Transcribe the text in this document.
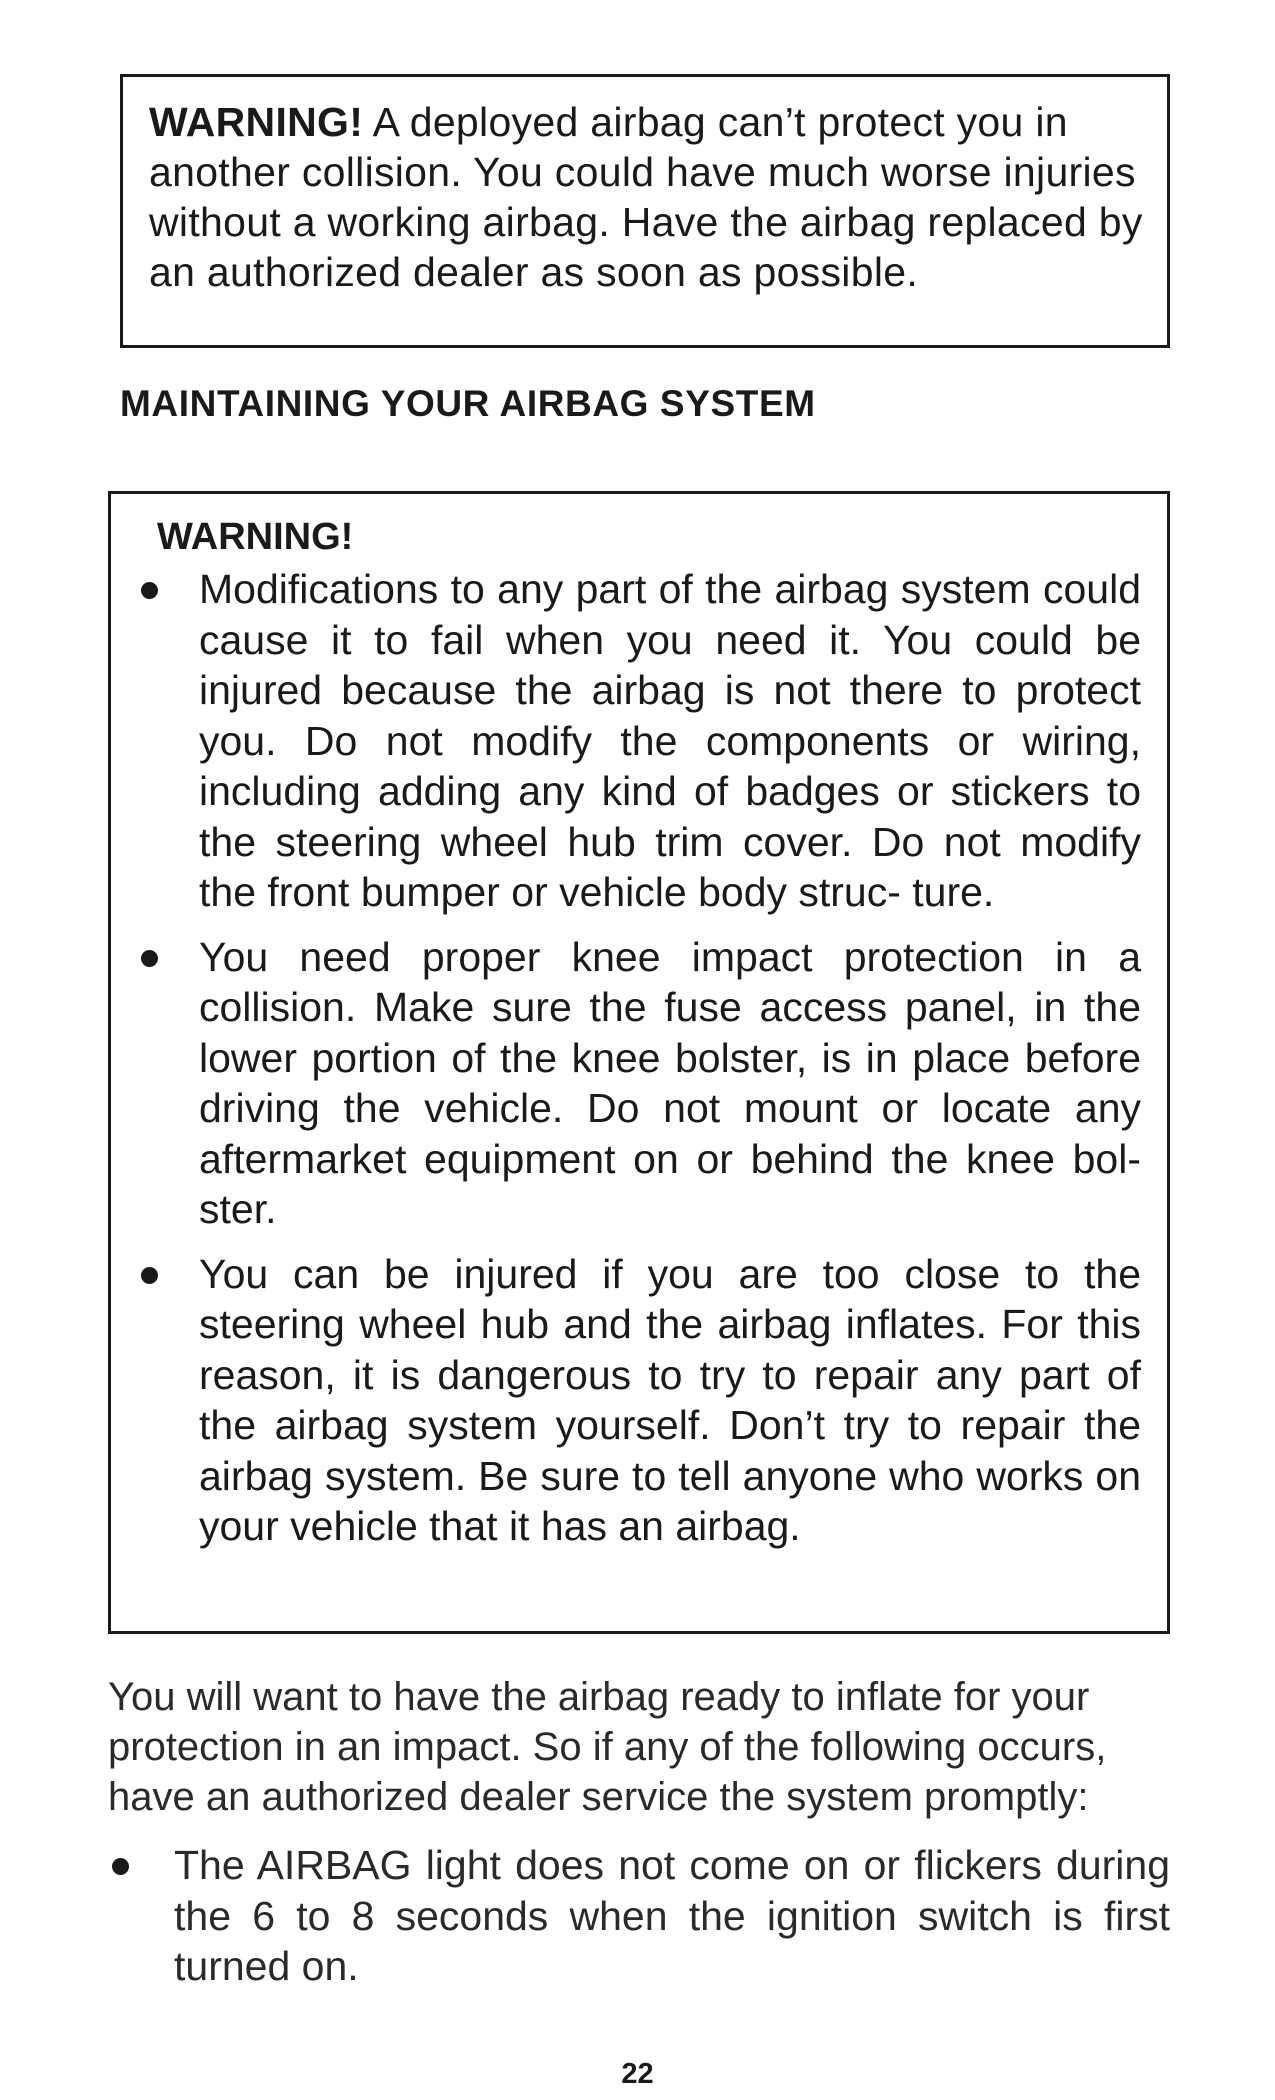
WARNING! A deployed airbag can’t protect you in another collision. You could have much worse injuries without a working airbag. Have the airbag replaced by an authorized dealer as soon as possible.

MAINTAINING YOUR AIRBAG SYSTEM

WARNING!

Modifications to any part of the airbag system could cause it to fail when you need it. You could be injured because the airbag is not there to protect you. Do not modify the components or wiring, including adding any kind of badges or stickers to the steering wheel hub trim cover. Do not modify the front bumper or vehicle body struc- ture.
You need proper knee impact protection in a collision. Make sure the fuse access panel, in the lower portion of the knee bolster, is in place before driving the vehicle. Do not mount or locate any aftermarket equipment on or behind the knee bol- ster.
You can be injured if you are too close to the steering wheel hub and the airbag inflates. For this reason, it is dangerous to try to repair any part of the airbag system yourself. Don’t try to repair the airbag system. Be sure to tell anyone who works on your vehicle that it has an airbag.

You will want to have the airbag ready to inflate for your protection in an impact. So if any of the following occurs, have an authorized dealer service the system promptly:

The AIRBAG light does not come on or flickers during the 6 to 8 seconds when the ignition switch is first turned on.

22
